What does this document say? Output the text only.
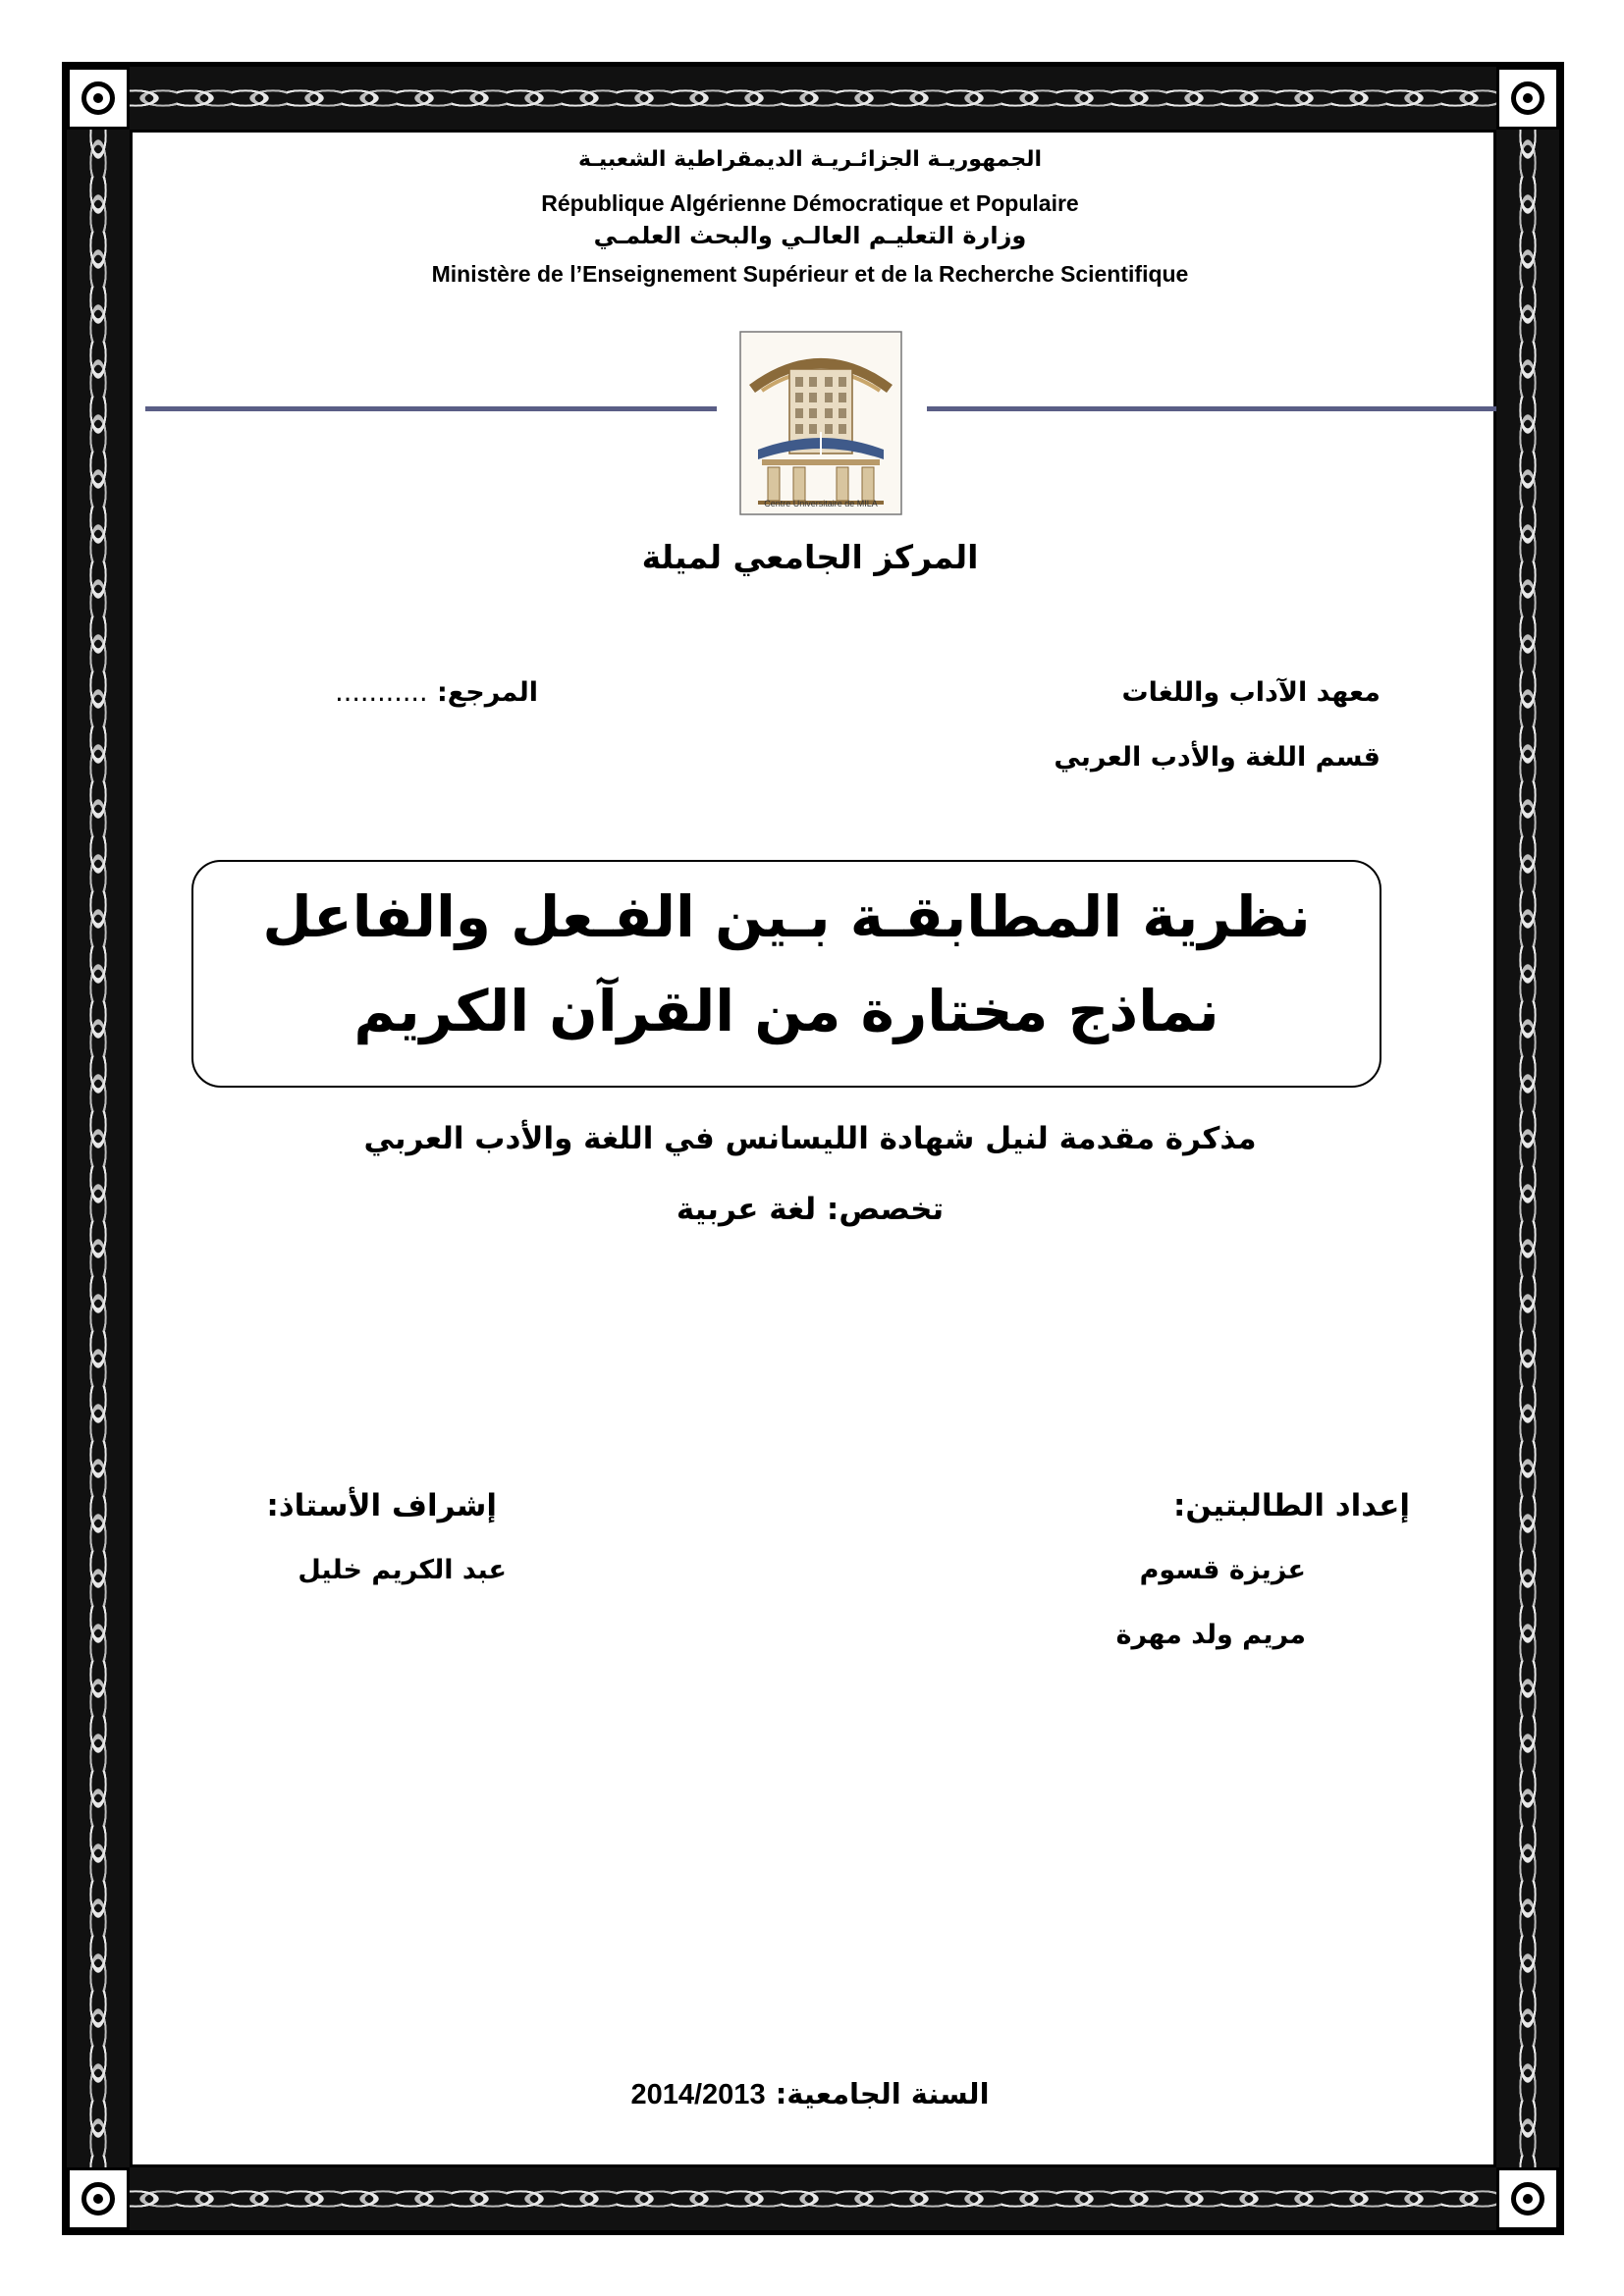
الجمهوريـة الجزائـريـة الديمقراطية الشعبيـة
République Algérienne Démocratique et Populaire
وزارة التعليـم العالـي والبحث العلمـي
Ministère de l’Enseignement Supérieur et de la Recherche Scientifique
Centre Universitaire de MILA
المركز الجامعي لميلة
معهد الآداب واللغات
قسم اللغة والأدب العربي
المرجع: ...........
نظرية المطابقـة بـين الفـعل والفاعل
نماذج مختارة من القرآن الكريم
مذكرة مقدمة لنيل شهادة الليسانس في اللغة والأدب العربي
تخصص: لغة عربية
إعداد الطالبتين:
عزيزة قسوم
مريم ولد مهرة
إشراف الأستاذ:
عبد الكريم خليل
السنة الجامعية: 2014/2013
